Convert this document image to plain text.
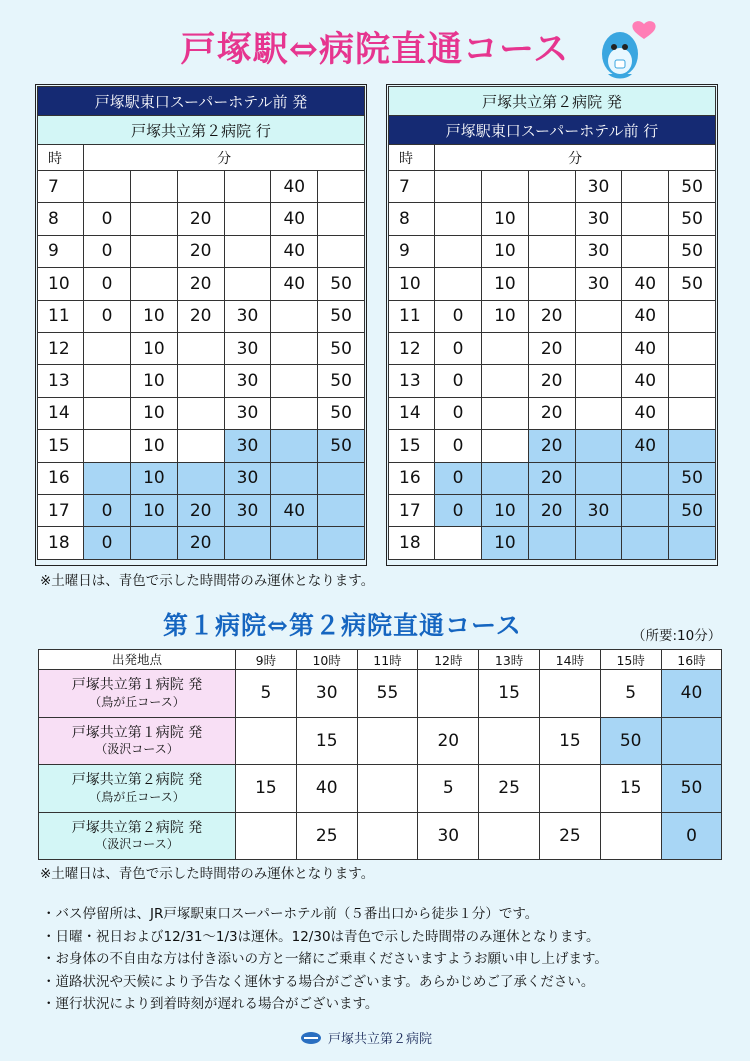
戸塚駅⇔病院直通コース
戸塚駅東口スーパーホテル前 発						
戸塚共立第２病院 行						
時	分					
7					40	
8	0		20		40	
9	0		20		40	
10	0		20		40	50
11	0	10	20	30		50
12		10		30		50
13		10		30		50
14		10		30		50
15		10		30		50
16		10		30		
17	0	10	20	30	40	
18	0		20			
戸塚共立第２病院 発						
戸塚駅東口スーパーホテル前 行						
時	分					
7				30		50
8		10		30		50
9		10		30		50
10		10		30	40	50
11	0	10	20		40	
12	0		20		40	
13	0		20		40	
14	0		20		40	
15	0		20		40	
16	0		20			50
17	0	10	20	30		50
18		10				
※土曜日は、青色で示した時間帯のみ運休となります。
第１病院⇔第２病院直通コース	（所要:10分）
出発地点	9時	10時	11時	12時	13時	14時	15時	16時
戸塚共立第１病院 発
（鳥が丘コース）	5	30	55		15		5	40
戸塚共立第１病院 発
（汲沢コース）		15		20		15	50	
戸塚共立第２病院 発
（鳥が丘コース）	15	40		5	25		15	50
戸塚共立第２病院 発
（汲沢コース）		25		30		25		0
※土曜日は、青色で示した時間帯のみ運休となります。
・バス停留所は、JR戸塚駅東口スーパーホテル前（５番出口から徒歩１分）です。
・日曜・祝日および12/31～1/3は運休。12/30は青色で示した時間帯のみ運休となります。
・お身体の不自由な方は付き添いの方と一緒にご乗車くださいますようお願い申し上げます。
・道路状況や天候により予告なく運休する場合がございます。あらかじめご了承ください。
・運行状況により到着時刻が遅れる場合がございます。
戸塚共立第２病院
